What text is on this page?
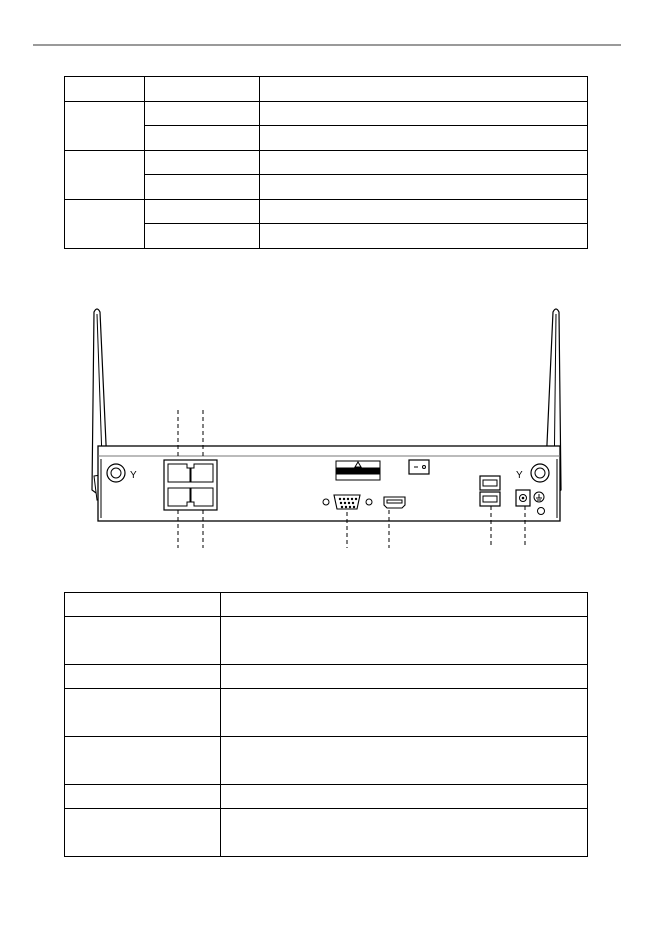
Y	Y
